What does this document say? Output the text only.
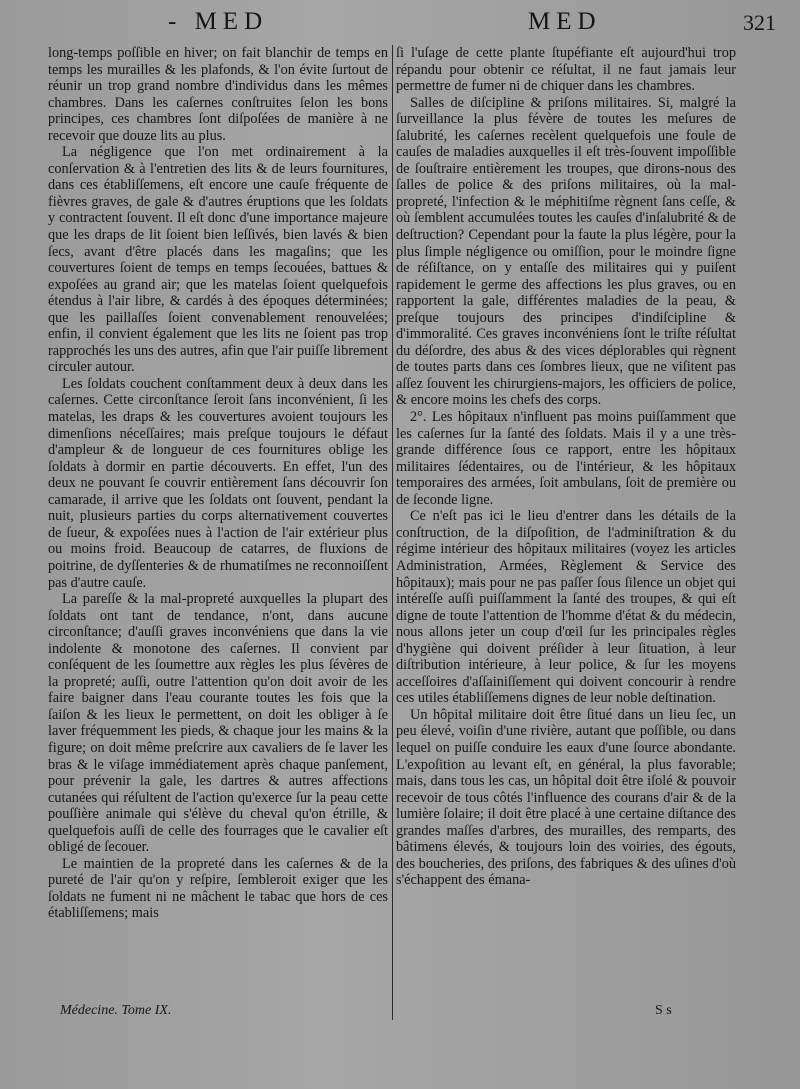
- MED	MED	321

long-temps poſſible en hiver; on fait blanchir de temps en temps les murailles & les plafonds, & l'on évite ſurtout de réunir un trop grand nombre d'individus dans les mêmes chambres. Dans les caſernes conſtruites ſelon les bons principes, ces chambres ſont diſpoſées de manière à ne recevoir que douze lits au plus.

La négligence que l'on met ordinairement à la conſervation & à l'entretien des lits & de leurs fournitures, dans ces établiſſemens, eſt encore une cauſe fréquente de fièvres graves, de gale & d'autres éruptions que les ſoldats y contractent ſouvent. Il eſt donc d'une importance majeure que les draps de lit ſoient bien leſſivés, bien lavés & bien ſecs, avant d'être placés dans les magaſins; que les couvertures ſoient de temps en temps ſecouées, battues & expoſées au grand air; que les matelas ſoient quelquefois étendus à l'air libre, & cardés à des époques déterminées; que les paillaſſes ſoient convenablement renouvelées; enfin, il convient également que les lits ne ſoient pas trop rapprochés les uns des autres, afin que l'air puiſſe librement circuler autour.

Les ſoldats couchent conſtamment deux à deux dans les caſernes. Cette circonſtance ſeroit ſans inconvénient, ſi les matelas, les draps & les couvertures avoient toujours les dimenſions néceſſaires; mais preſque toujours le défaut d'ampleur & de longueur de ces fournitures oblige les ſoldats à dormir en partie découverts. En effet, l'un des deux ne pouvant ſe couvrir entièrement ſans découvrir ſon camarade, il arrive que les ſoldats ont ſouvent, pendant la nuit, plusieurs parties du corps alternativement couvertes de ſueur, & expoſées nues à l'action de l'air extérieur plus ou moins froid. Beaucoup de catarres, de fluxions de poitrine, de dyſſenteries & de rhumatiſmes ne reconnoiſſent pas d'autre cauſe.

La pareſſe & la mal-propreté auxquelles la plupart des ſoldats ont tant de tendance, n'ont, dans aucune circonſtance; d'auſſi graves inconvéniens que dans la vie indolente & monotone des caſernes. Il convient par conſéquent de les ſoumettre aux règles les plus ſévères de la propreté; auſſi, outre l'attention qu'on doit avoir de les faire baigner dans l'eau courante toutes les fois que la ſaiſon & les lieux le permettent, on doit les obliger à ſe laver fréquemment les pieds, & chaque jour les mains & la figure; on doit même preſcrire aux cavaliers de ſe laver les bras & le viſage immédiatement après chaque panſement, pour prévenir la gale, les dartres & autres affections cutanées qui réſultent de l'action qu'exerce ſur la peau cette pouſſière animale qui s'élève du cheval qu'on étrille, & quelquefois auſſi de celle des fourrages que le cavalier eſt obligé de ſecouer.

Le maintien de la propreté dans les caſernes & de la pureté de l'air qu'on y reſpire, ſembleroit exiger que les ſoldats ne fument ni ne mâchent le tabac que hors de ces établiſſemens; mais

ſi l'uſage de cette plante ſtupéfiante eſt aujourd'hui trop répandu pour obtenir ce réſultat, il ne faut jamais leur permettre de fumer ni de chiquer dans les chambres.

Salles de diſcipline & priſons militaires. Si, malgré la ſurveillance la plus févère de toutes les meſures de ſalubrité, les caſernes recèlent quelquefois une foule de cauſes de maladies auxquelles il eſt très-ſouvent impoſſible de ſouſtraire entièrement les troupes, que dirons-nous des ſalles de police & des priſons militaires, où la mal-propreté, l'infection & le méphitiſme règnent ſans ceſſe, & où ſemblent accumulées toutes les cauſes d'inſalubrité & de deſtruction? Cependant pour la faute la plus légère, pour la plus ſimple négligence ou omiſſion, pour le moindre ſigne de réſiſtance, on y entaſſe des militaires qui y puiſent rapidement le germe des affections les plus graves, ou en rapportent la gale, différentes maladies de la peau, & preſque toujours des principes d'indiſcipline & d'immoralité. Ces graves inconvéniens ſont le triſte réſultat du déſordre, des abus & des vices déplorables qui règnent de toutes parts dans ces ſombres lieux, que ne viſitent pas aſſez ſouvent les chirurgiens-majors, les officiers de police, & encore moins les chefs des corps.

2°. Les hôpitaux n'influent pas moins puiſſamment que les caſernes ſur la ſanté des ſoldats. Mais il y a une très-grande différence ſous ce rapport, entre les hôpitaux militaires ſédentaires, ou de l'intérieur, & les hôpitaux temporaires des armées, ſoit ambulans, ſoit de première ou de ſeconde ligne.

Ce n'eſt pas ici le lieu d'entrer dans les détails de la conſtruction, de la diſpoſition, de l'adminiſtration & du régime intérieur des hôpitaux militaires (voyez les articles Administration, Armées, Règlement & Service des hôpitaux); mais pour ne pas paſſer ſous ſilence un objet qui intéreſſe auſſi puiſſamment la ſanté des troupes, & qui eſt digne de toute l'attention de l'homme d'état & du médecin, nous allons jeter un coup d'œil ſur les principales règles d'hygiène qui doivent préſider à leur ſituation, à leur diſtribution intérieure, à leur police, & ſur les moyens acceſſoires d'aſſainiſſement qui doivent concourir à rendre ces utiles établiſſemens dignes de leur noble deſtination.

Un hôpital militaire doit être ſitué dans un lieu ſec, un peu élevé, voiſin d'une rivière, autant que poſſible, ou dans lequel on puiſſe conduire les eaux d'une ſource abondante. L'expoſition au levant eſt, en général, la plus favorable; mais, dans tous les cas, un hôpital doit être iſolé & pouvoir recevoir de tous côtés l'influence des courans d'air & de la lumière ſolaire; il doit être placé à une certaine diſtance des grandes maſſes d'arbres, des murailles, des remparts, des bâtimens élevés, & toujours loin des voiries, des égouts, des boucheries, des priſons, des fabriques & des uſines d'où s'échappent des émana-

Médecine. Tome IX.	S s
